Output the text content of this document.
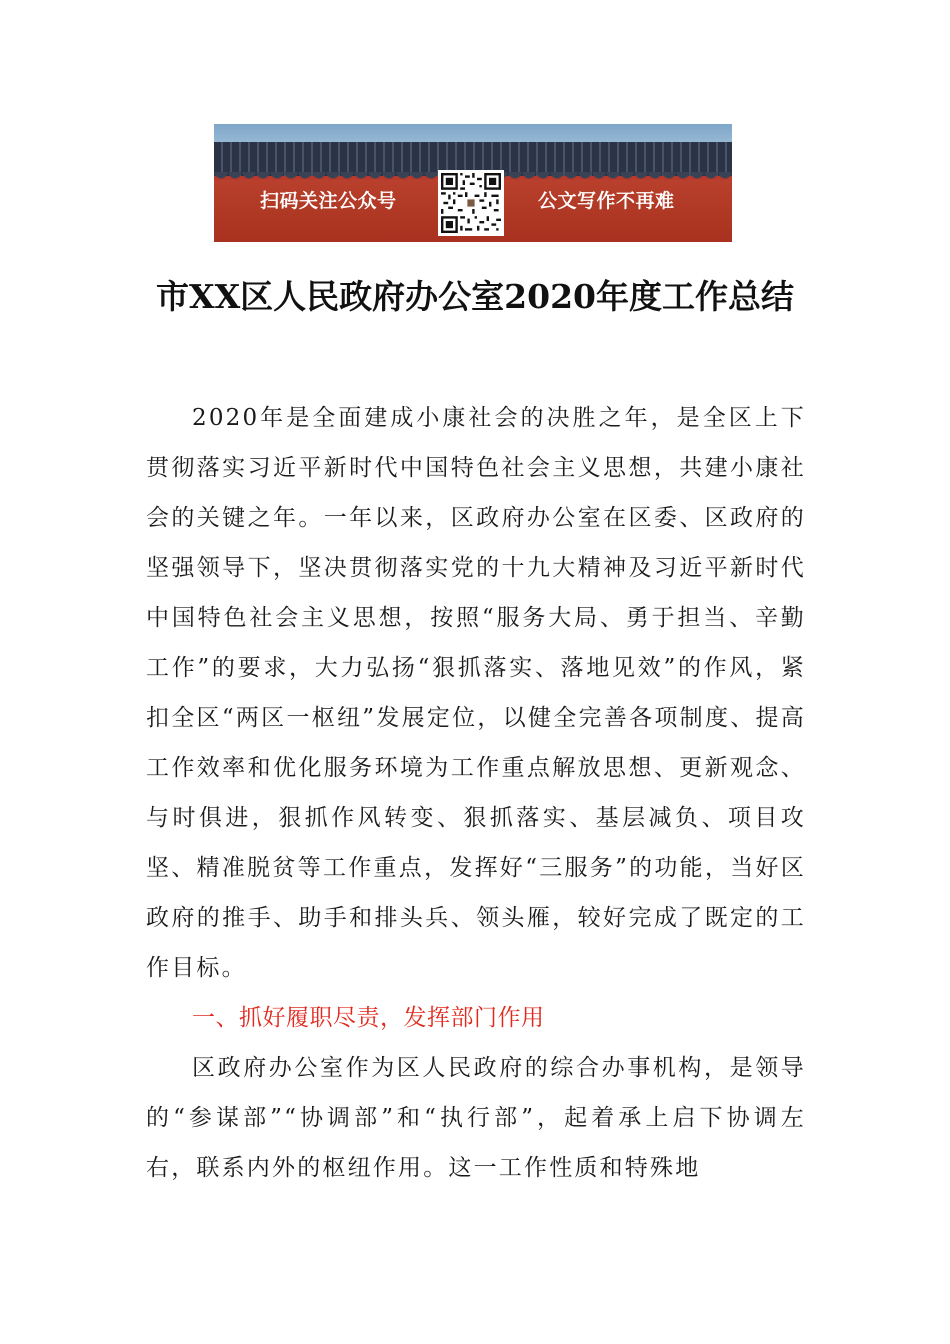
扫码关注公众号	公文写作不再难
市XX区人民政府办公室2020年度工作总结

2020年是全面建成小康社会的决胜之年，是全区上下贯彻落实习近平新时代中国特色社会主义思想，共建小康社会的关键之年。一年以来，区政府办公室在区委、区政府的坚强领导下，坚决贯彻落实党的十九大精神及习近平新时代中国特色社会主义思想，按照“服务大局、勇于担当、辛勤工作”的要求，大力弘扬“狠抓落实、落地见效”的作风，紧扣全区“两区一枢纽”发展定位，以健全完善各项制度、提高工作效率和优化服务环境为工作重点解放思想、更新观念、与时俱进，狠抓作风转变、狠抓落实、基层减负、项目攻坚、精准脱贫等工作重点，发挥好“三服务”的功能，当好区政府的推手、助手和排头兵、领头雁，较好完成了既定的工作目标。

一、抓好履职尽责，发挥部门作用

区政府办公室作为区人民政府的综合办事机构，是领导的“参谋部”“协调部”和“执行部”，起着承上启下协调左右，联系内外的枢纽作用。这一工作性质和特殊地
